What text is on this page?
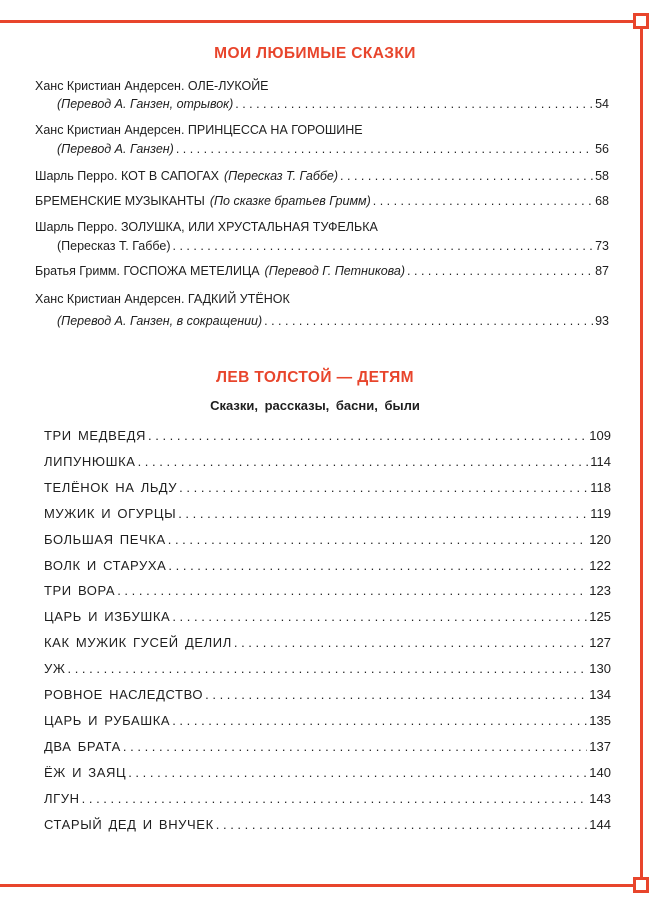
МОИ ЛЮБИМЫЕ СКАЗКИ
Ханс Кристиан Андерсен. ОЛЕ-ЛУКОЙЕ
(Перевод А. Ганзен, отрывок) . . .	54
Ханс Кристиан Андерсен. ПРИНЦЕССА НА ГОРОШИНЕ
(Перевод А. Ганзен) . . .	56
Шарль Перро. КОТ В САПОГАХ (Пересказ Т. Габбе) . . .	58
БРЕМЕНСКИЕ МУЗЫКАНТЫ (По сказке братьев Гримм) . . .	68
Шарль Перро. ЗОЛУШКА, ИЛИ ХРУСТАЛЬНАЯ ТУФЕЛЬКА
(Пересказ Т. Габбе) . . .	73
Братья Гримм. ГОСПОЖА МЕТЕЛИЦА (Перевод Г. Петникова) . . .	87
Ханс Кристиан Андерсен. ГАДКИЙ УТЁНОК
(Перевод А. Ганзен, в сокращении) . . .	93
ЛЕВ ТОЛСТОЙ — ДЕТЯМ
Сказки, рассказы, басни, были
ТРИ МЕДВЕДЯ . . .	109
ЛИПУНЮШКА . . .	114
ТЕЛЁНОК НА ЛЬДУ . . .	118
МУЖИК И ОГУРЦЫ . . .	119
БОЛЬШАЯ ПЕЧКА . . .	120
ВОЛК И СТАРУХА . . .	122
ТРИ ВОРА . . .	123
ЦАРЬ И ИЗБУШКА . . .	125
КАК МУЖИК ГУСЕЙ ДЕЛИЛ . . .	127
УЖ . . .	130
РОВНОЕ НАСЛЕДСТВО . . .	134
ЦАРЬ И РУБАШКА . . .	135
ДВА БРАТА . . .	137
ЁЖ И ЗАЯЦ . . .	140
ЛГУН . . .	143
СТАРЫЙ ДЕД И ВНУЧЕК . . .	144
